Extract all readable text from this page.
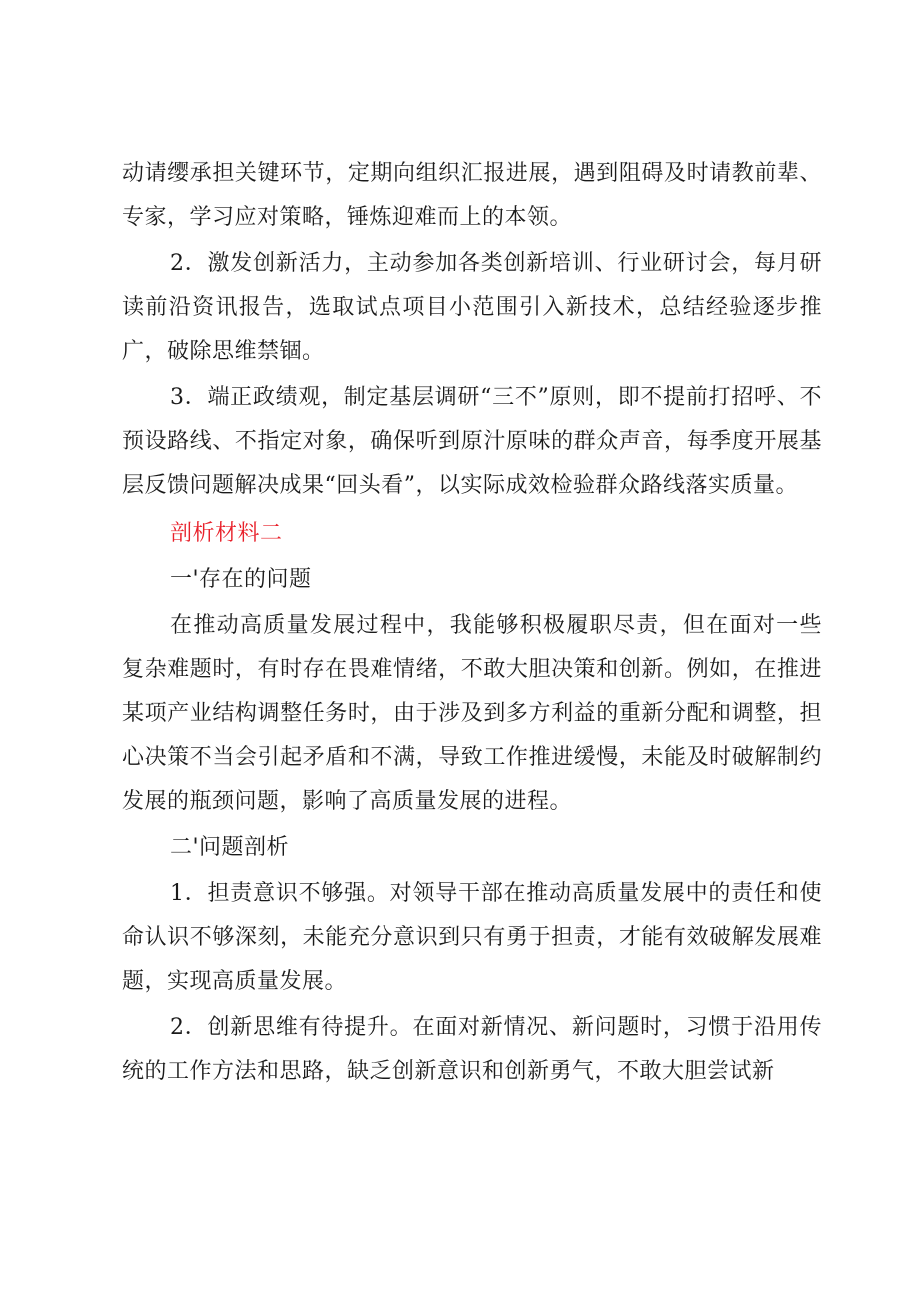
动请缨承担关键环节，定期向组织汇报进展，遇到阻碍及时请教前辈、专家，学习应对策略，锤炼迎难而上的本领。

2．激发创新活力，主动参加各类创新培训、行业研讨会，每月研读前沿资讯报告，选取试点项目小范围引入新技术，总结经验逐步推广，破除思维禁锢。

3．端正政绩观，制定基层调研“三不”原则，即不提前打招呼、不预设路线、不指定对象，确保听到原汁原味的群众声音，每季度开展基层反馈问题解决成果“回头看”，以实际成效检验群众路线落实质量。

剖析材料二
一'存在的问题

在推动高质量发展过程中，我能够积极履职尽责，但在面对一些复杂难题时，有时存在畏难情绪，不敢大胆决策和创新。例如，在推进某项产业结构调整任务时，由于涉及到多方利益的重新分配和调整，担心决策不当会引起矛盾和不满，导致工作推进缓慢，未能及时破解制约发展的瓶颈问题，影响了高质量发展的进程。

二'问题剖析

1．担责意识不够强。对领导干部在推动高质量发展中的责任和使命认识不够深刻，未能充分意识到只有勇于担责，才能有效破解发展难题，实现高质量发展。

2．创新思维有待提升。在面对新情况、新问题时，习惯于沿用传统的工作方法和思路，缺乏创新意识和创新勇气，不敢大胆尝试新
